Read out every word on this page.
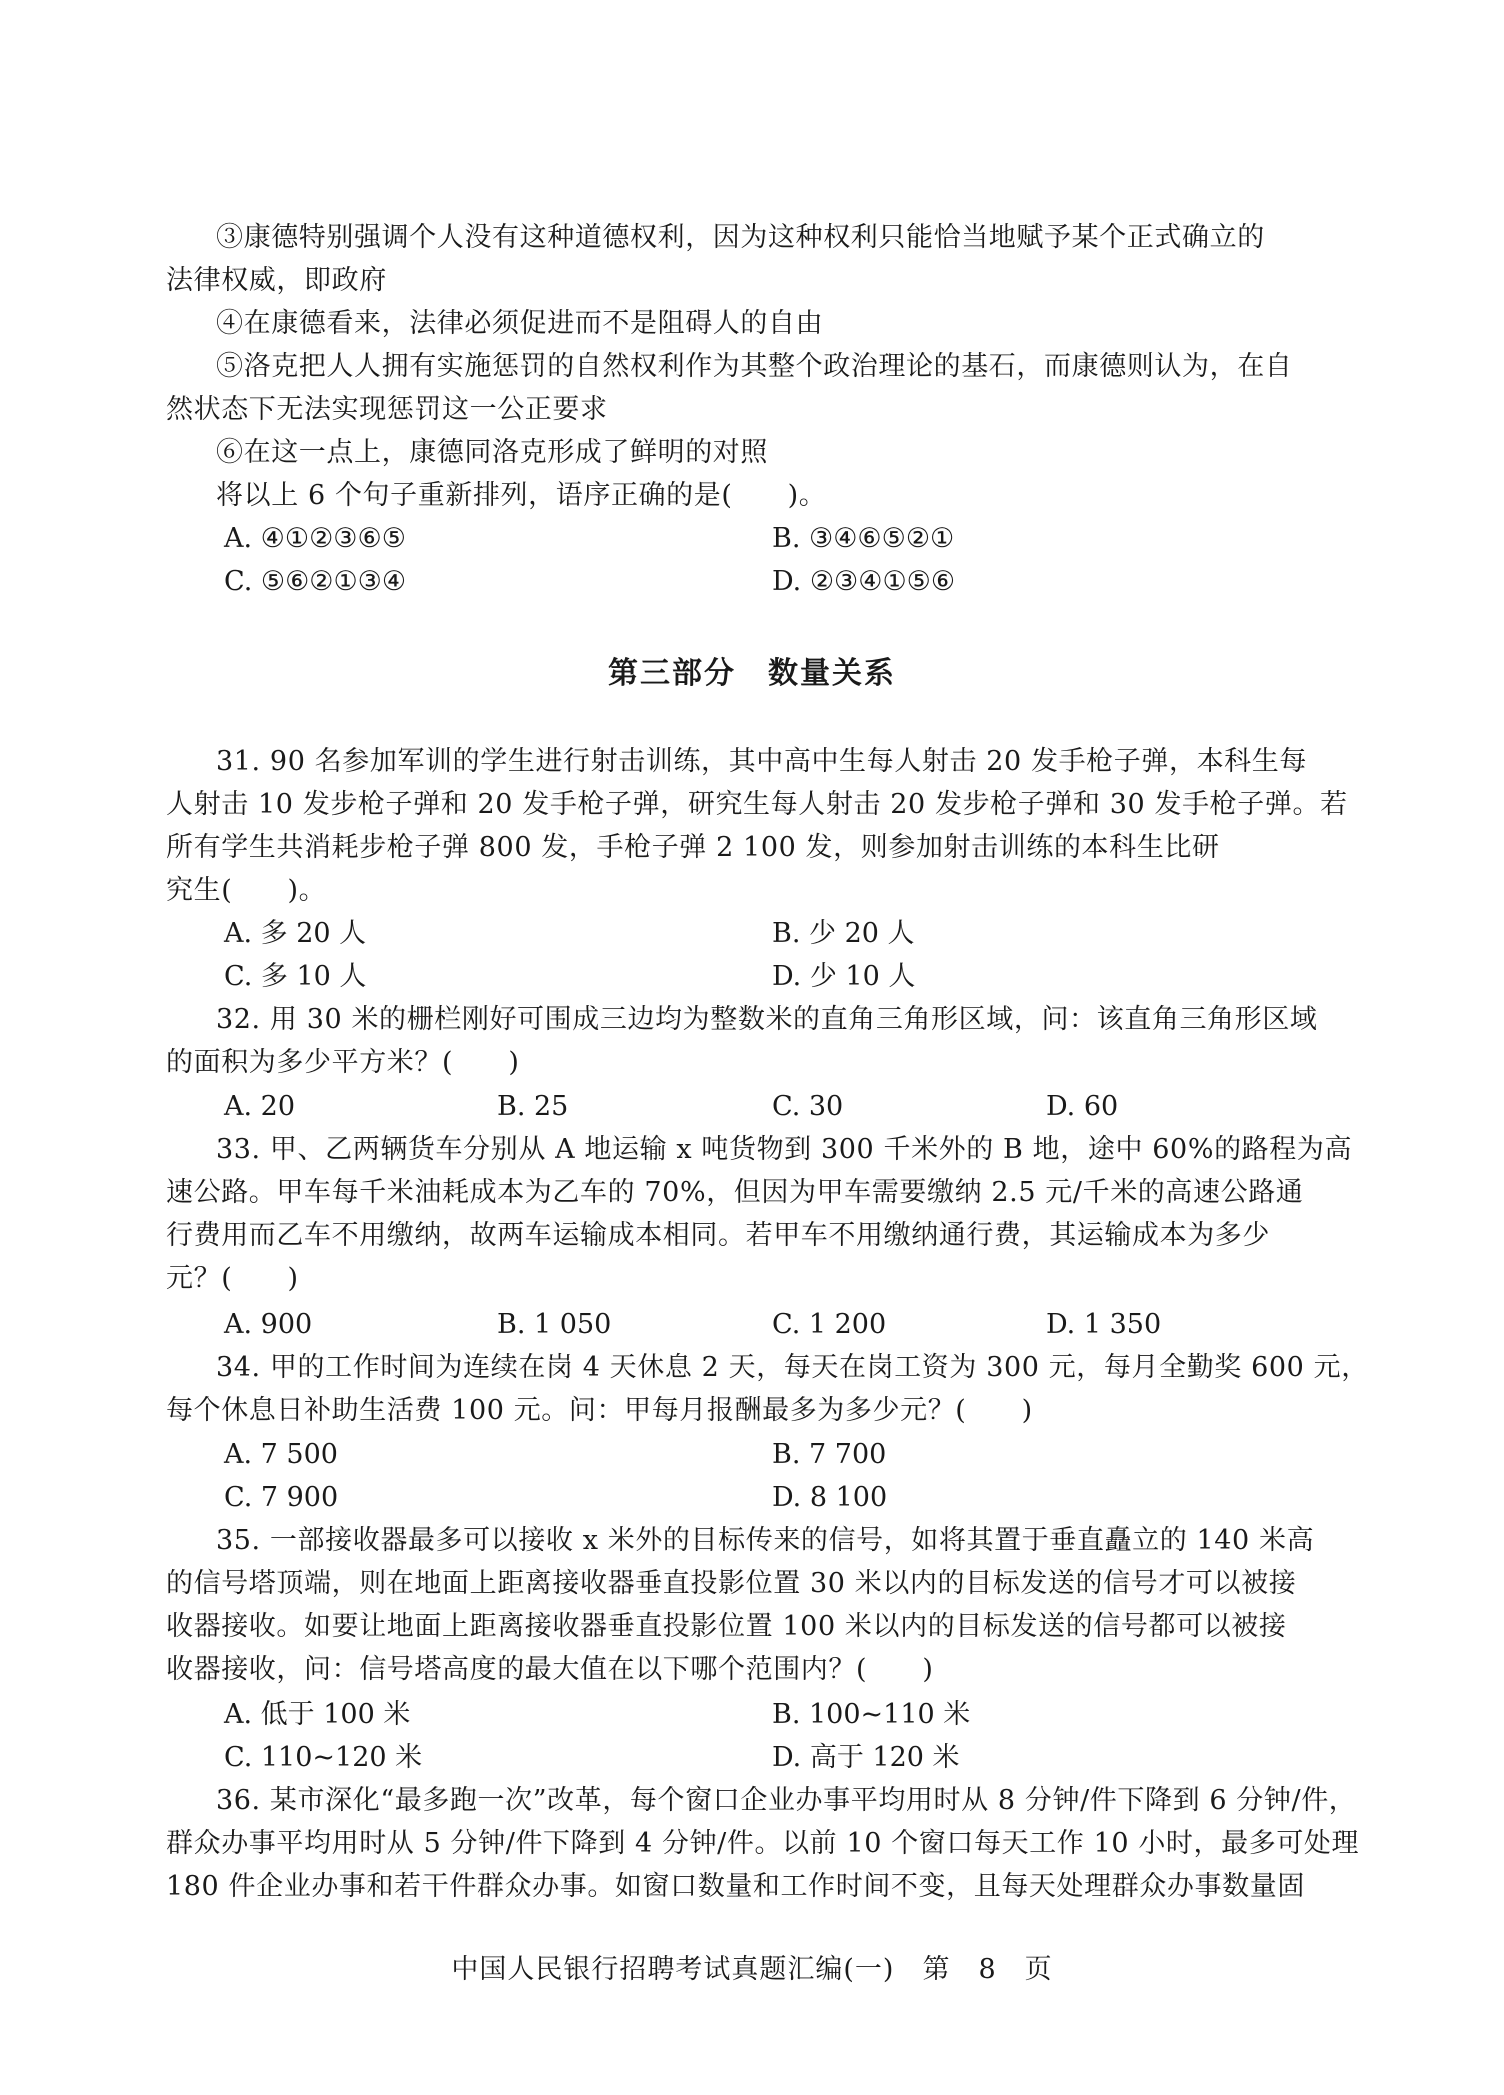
③康德特别强调个人没有这种道德权利，因为这种权利只能恰当地赋予某个正式确立的
法律权威，即政府
④在康德看来，法律必须促进而不是阻碍人的自由
⑤洛克把人人拥有实施惩罚的自然权利作为其整个政治理论的基石，而康德则认为，在自
然状态下无法实现惩罚这一公正要求
⑥在这一点上，康德同洛克形成了鲜明的对照
将以上 6 个句子重新排列，语序正确的是(　　)。
A. ④①②③⑥⑤	B. ③④⑥⑤②①
C. ⑤⑥②①③④	D. ②③④①⑤⑥
第三部分　数量关系
31. 90 名参加军训的学生进行射击训练，其中高中生每人射击 20 发手枪子弹，本科生每
人射击 10 发步枪子弹和 20 发手枪子弹，研究生每人射击 20 发步枪子弹和 30 发手枪子弹。若
所有学生共消耗步枪子弹 800 发，手枪子弹 2 100 发，则参加射击训练的本科生比研
究生(　　)。
A. 多 20 人	B. 少 20 人
C. 多 10 人	D. 少 10 人
32. 用 30 米的栅栏刚好可围成三边均为整数米的直角三角形区域，问：该直角三角形区域
的面积为多少平方米？(　　)
A. 20	B. 25	C. 30	D. 60
33. 甲、乙两辆货车分别从 A 地运输 x 吨货物到 300 千米外的 B 地，途中 60%的路程为高
速公路。甲车每千米油耗成本为乙车的 70%，但因为甲车需要缴纳 2.5 元/千米的高速公路通
行费用而乙车不用缴纳，故两车运输成本相同。若甲车不用缴纳通行费，其运输成本为多少
元？(　　)
A. 900	B. 1 050	C. 1 200	D. 1 350
34. 甲的工作时间为连续在岗 4 天休息 2 天，每天在岗工资为 300 元，每月全勤奖 600 元，
每个休息日补助生活费 100 元。问：甲每月报酬最多为多少元？(　　)
A. 7 500	B. 7 700
C. 7 900	D. 8 100
35. 一部接收器最多可以接收 x 米外的目标传来的信号，如将其置于垂直矗立的 140 米高
的信号塔顶端，则在地面上距离接收器垂直投影位置 30 米以内的目标发送的信号才可以被接
收器接收。如要让地面上距离接收器垂直投影位置 100 米以内的目标发送的信号都可以被接
收器接收，问：信号塔高度的最大值在以下哪个范围内？(　　)
A. 低于 100 米	B. 100~110 米
C. 110~120 米	D. 高于 120 米
36. 某市深化“最多跑一次”改革，每个窗口企业办事平均用时从 8 分钟/件下降到 6 分钟/件，
群众办事平均用时从 5 分钟/件下降到 4 分钟/件。以前 10 个窗口每天工作 10 小时，最多可处理
180 件企业办事和若干件群众办事。如窗口数量和工作时间不变，且每天处理群众办事数量固
中国人民银行招聘考试真题汇编(一)　第　8　页
